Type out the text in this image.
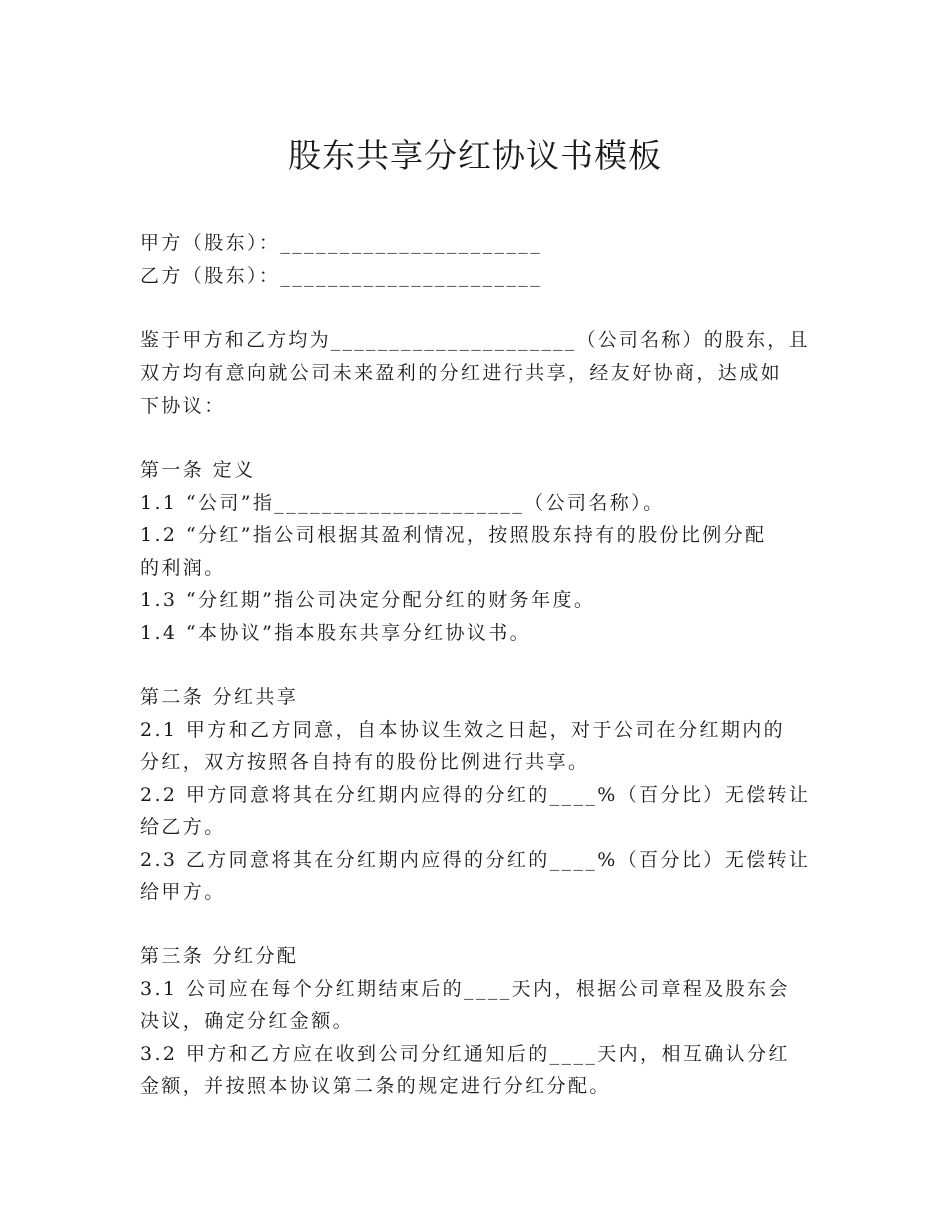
股东共享分红协议书模板
甲方（股东）：______________________
乙方（股东）：______________________
鉴于甲方和乙方均为_____________________（公司名称）的股东，且
双方均有意向就公司未来盈利的分红进行共享，经友好协商，达成如
下协议：
第一条 定义
1.1 “公司”指_____________________（公司名称）。
1.2 “分红”指公司根据其盈利情况，按照股东持有的股份比例分配
的利润。
1.3 “分红期”指公司决定分配分红的财务年度。
1.4 “本协议”指本股东共享分红协议书。
第二条 分红共享
2.1 甲方和乙方同意，自本协议生效之日起，对于公司在分红期内的
分红，双方按照各自持有的股份比例进行共享。
2.2 甲方同意将其在分红期内应得的分红的____%（百分比）无偿转让
给乙方。
2.3 乙方同意将其在分红期内应得的分红的____%（百分比）无偿转让
给甲方。
第三条 分红分配
3.1 公司应在每个分红期结束后的____天内，根据公司章程及股东会
决议，确定分红金额。
3.2 甲方和乙方应在收到公司分红通知后的____天内，相互确认分红
金额，并按照本协议第二条的规定进行分红分配。
